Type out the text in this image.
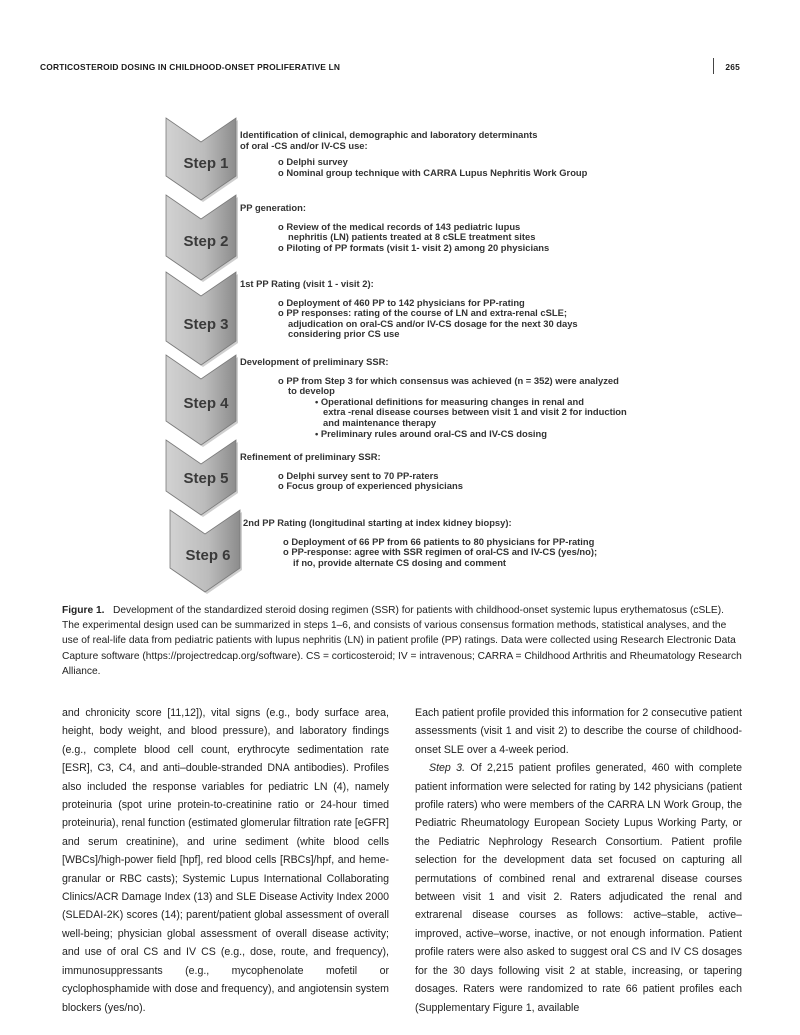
CORTICOSTEROID DOSING IN CHILDHOOD-ONSET PROLIFERATIVE LN	265
Step 1
Step 2
Step 3
Step 4
Step 5
Step 6
Identification of clinical, demographic and laboratory determinants
of oral -CS and/or IV-CS use:
o Delphi survey
o Nominal group technique with CARRA Lupus Nephritis Work Group
PP generation:
o Review of the medical records of 143 pediatric lupus
nephritis (LN) patients treated at 8 cSLE treatment sites
o Piloting of PP formats (visit 1- visit 2) among 20 physicians
1st PP Rating (visit 1 - visit 2):
o Deployment of 460 PP to 142 physicians for PP-rating
o PP responses: rating of the course of LN and extra-renal cSLE;
adjudication on oral-CS and/or IV-CS dosage for the next 30 days
considering prior CS use
Development of preliminary SSR:
o PP from Step 3 for which consensus was achieved (n = 352) were analyzed
to develop
• Operational definitions for measuring changes in renal and
extra -renal disease courses between visit 1 and visit 2 for induction
and maintenance therapy
• Preliminary rules around oral-CS and IV-CS dosing
Refinement of preliminary SSR:
o Delphi survey sent to 70 PP-raters
o Focus group of experienced physicians
2nd PP Rating (longitudinal starting at index kidney biopsy):
o Deployment of 66 PP from 66 patients to 80 physicians for PP-rating
o PP-response: agree with SSR regimen of oral-CS and IV-CS (yes/no);
if no, provide alternate CS dosing and comment
Figure 1. Development of the standardized steroid dosing regimen (SSR) for patients with childhood-onset systemic lupus erythematosus (cSLE). The experimental design used can be summarized in steps 1–6, and consists of various consensus formation methods, statistical analyses, and the use of real-life data from pediatric patients with lupus nephritis (LN) in patient profile (PP) ratings. Data were collected using Research Electronic Data Capture software (https://projectredcap.org/software). CS = corticosteroid; IV = intravenous; CARRA = Childhood Arthritis and Rheumatology Research Alliance.

and chronicity score [11,12]), vital signs (e.g., body surface area, height, body weight, and blood pressure), and laboratory findings (e.g., complete blood cell count, erythrocyte sedimentation rate [ESR], C3, C4, and anti–double-stranded DNA antibodies). Profiles also included the response variables for pediatric LN (4), namely proteinuria (spot urine protein-to-creatinine ratio or 24-hour timed proteinuria), renal function (estimated glomerular filtration rate [eGFR] and serum creatinine), and urine sediment (white blood cells [WBCs]/high-power field [hpf], red blood cells [RBCs]/hpf, and heme-granular or RBC casts); Systemic Lupus International Collaborating Clinics/ACR Damage Index (13) and SLE Disease Activity Index 2000 (SLEDAI-2K) scores (14); parent/patient global assessment of overall well-being; physician global assessment of overall disease activity; and use of oral CS and IV CS (e.g., dose, route, and frequency), immunosuppressants (e.g., mycophenolate mofetil or cyclophosphamide with dose and frequency), and angiotensin system blockers (yes/no).

Each patient profile provided this information for 2 consecutive patient assessments (visit 1 and visit 2) to describe the course of childhood-onset SLE over a 4-week period.

Step 3. Of 2,215 patient profiles generated, 460 with complete patient information were selected for rating by 142 physicians (patient profile raters) who were members of the CARRA LN Work Group, the Pediatric Rheumatology European Society Lupus Working Party, or the Pediatric Nephrology Research Consortium. Patient profile selection for the development data set focused on capturing all permutations of combined renal and extrarenal disease courses between visit 1 and visit 2. Raters adjudicated the renal and extrarenal disease courses as follows: active–stable, active–improved, active–worse, inactive, or not enough information. Patient profile raters were also asked to suggest oral CS and IV CS dosages for the 30 days following visit 2 at stable, increasing, or tapering dosages. Raters were randomized to rate 66 patient profiles each (Supplementary Figure 1, available
